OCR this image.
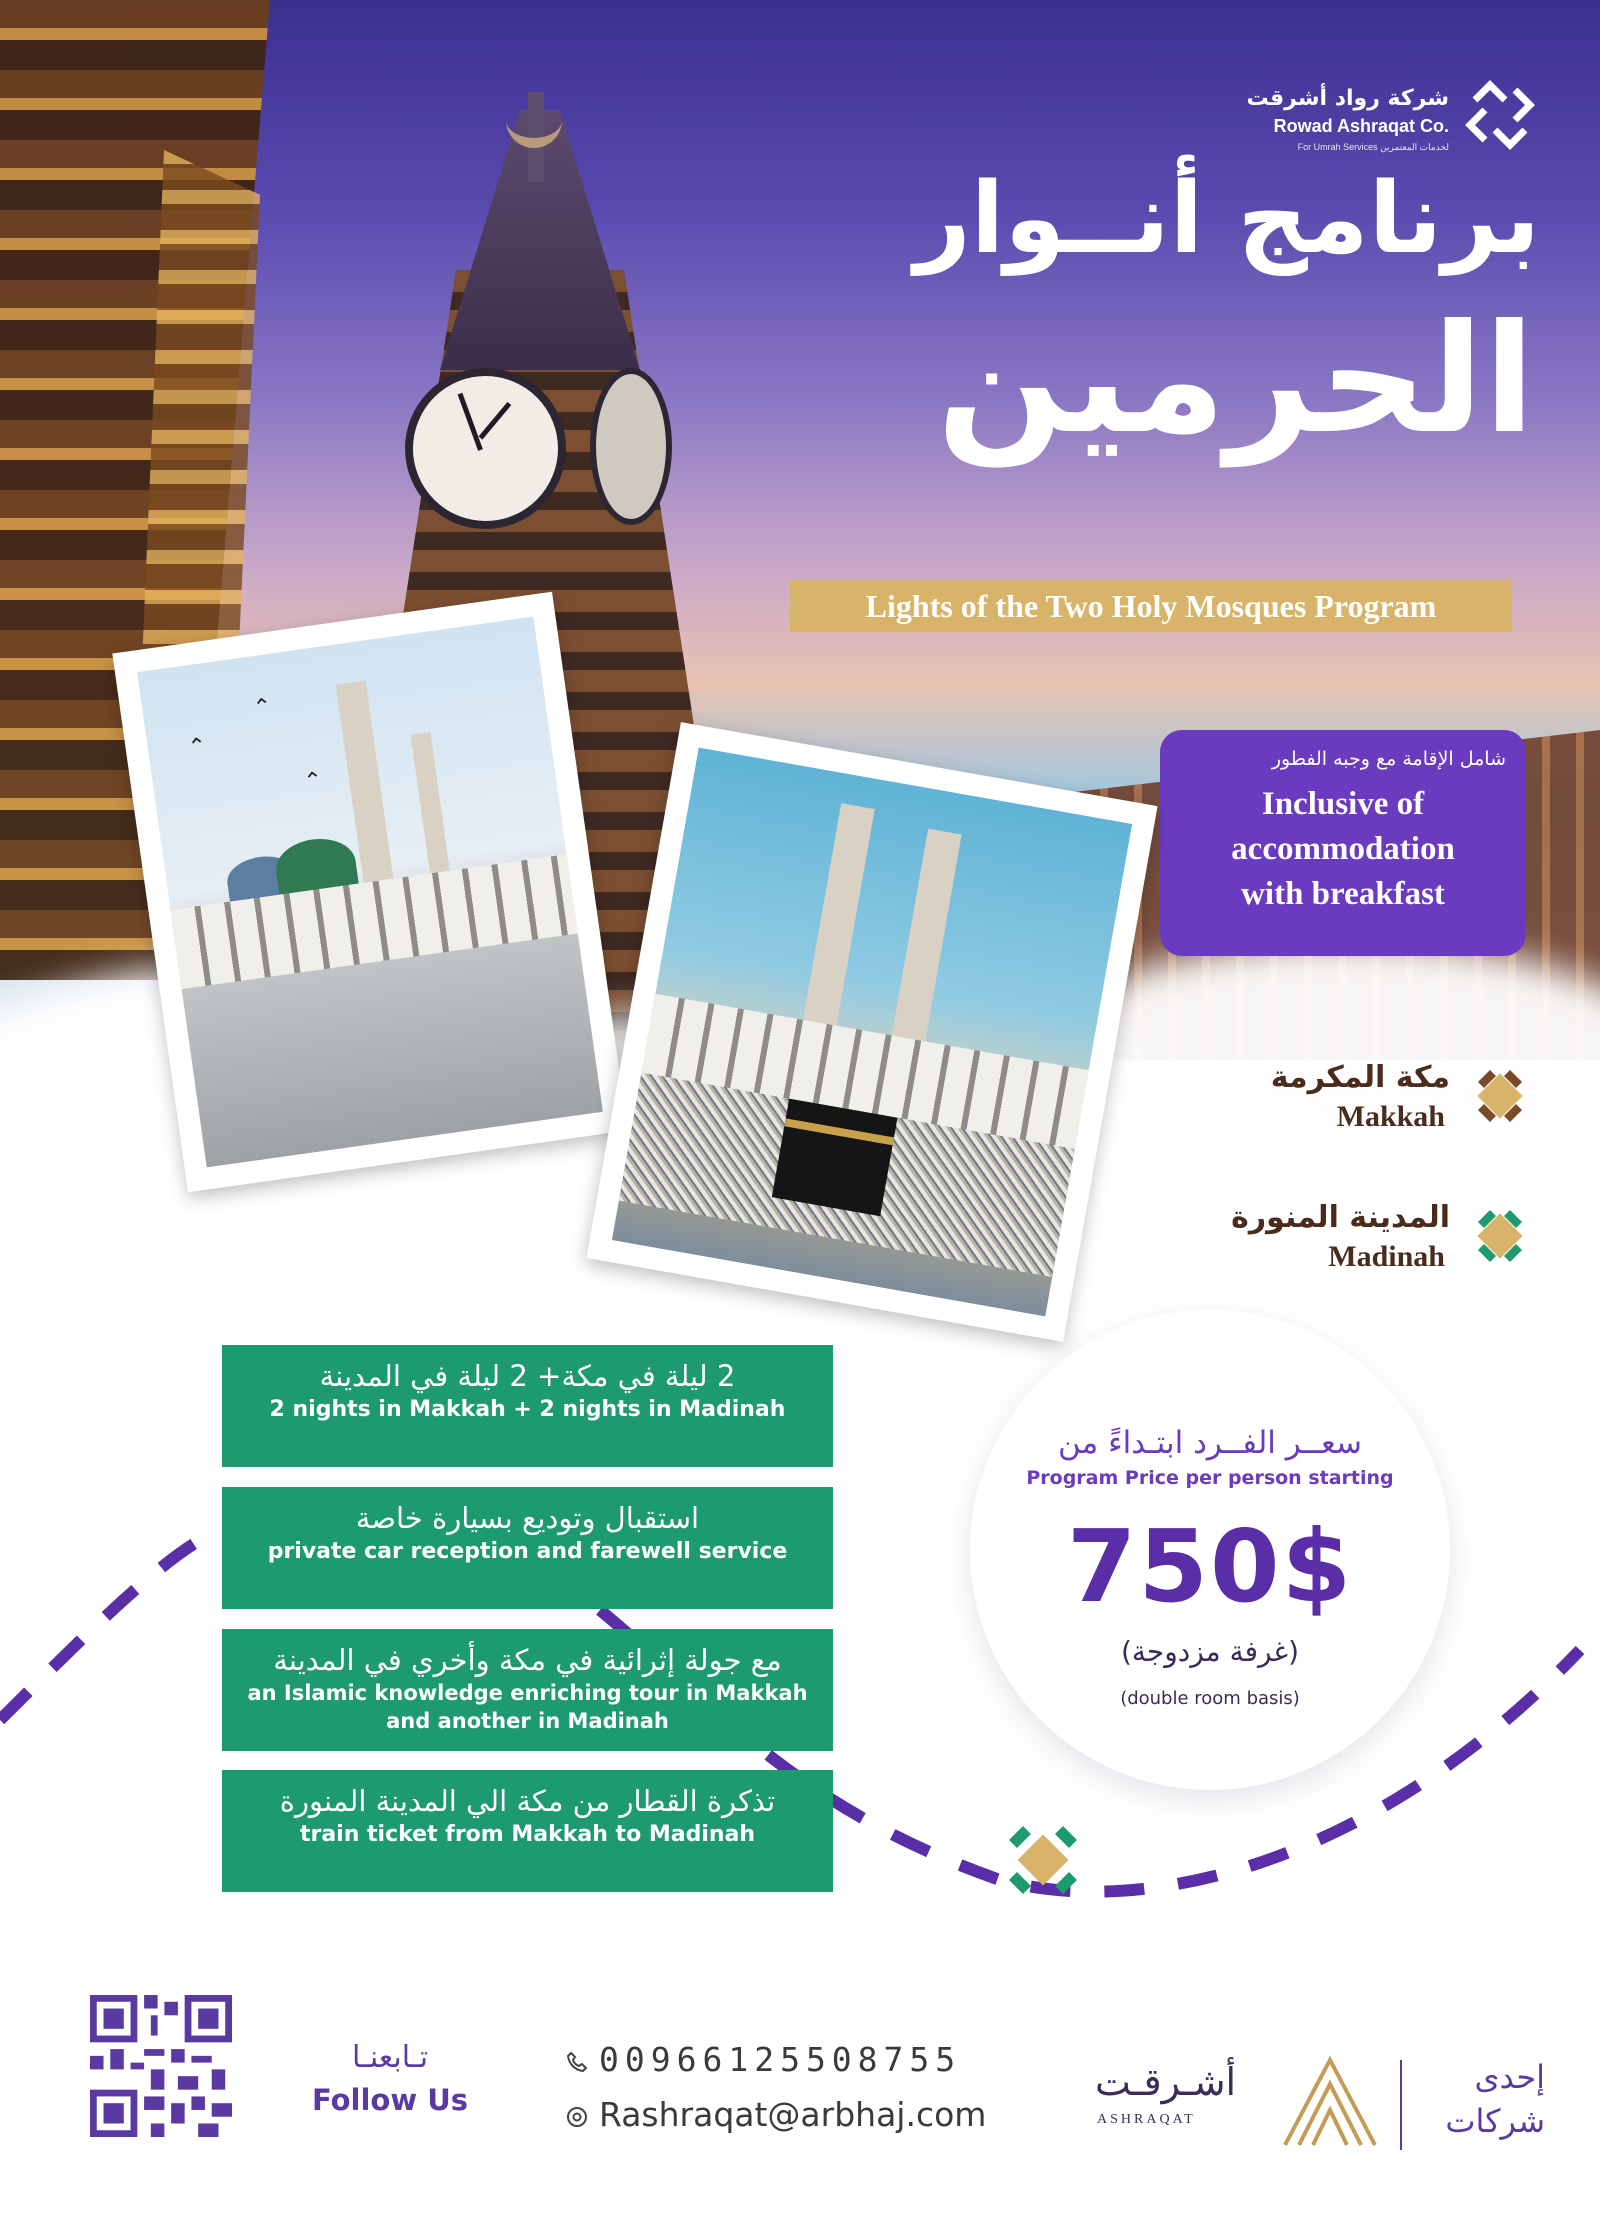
شركة رواد أشرقت
Rowad Ashraqat Co.
For Umrah Services لخدمات المعتمرين
برنامج أنــوار
الحرمين
Lights of the Two Holy Mosques Program
شامل الإقامة مع وجبه الفطور
Inclusive of
accommodation
with breakfast
⌃
⌃
⌃
مكة المكرمة
Makkah
المدينة المنورة
Madinah
2 ليلة في مكة+ 2 ليلة في المدينة
2 nights in Makkah + 2 nights in Madinah
استقبال وتوديع بسيارة خاصة
private car reception and farewell service
مع جولة إثرائية في مكة وأخري في المدينة
an Islamic knowledge enriching tour in Makkah
and another in Madinah
تذكرة القطار من مكة الي المدينة المنورة
train ticket from Makkah to Madinah
سعــر الفــرد ابتـداءً من
Program Price per person starting
750$
(غرفة مزدوجة)
(double room basis)
تـابعنـا
Follow Us
00966125508755
Rashraqat@arbhaj.com
أشـرقـت
ASHRAQAT
إحدى
شركات
